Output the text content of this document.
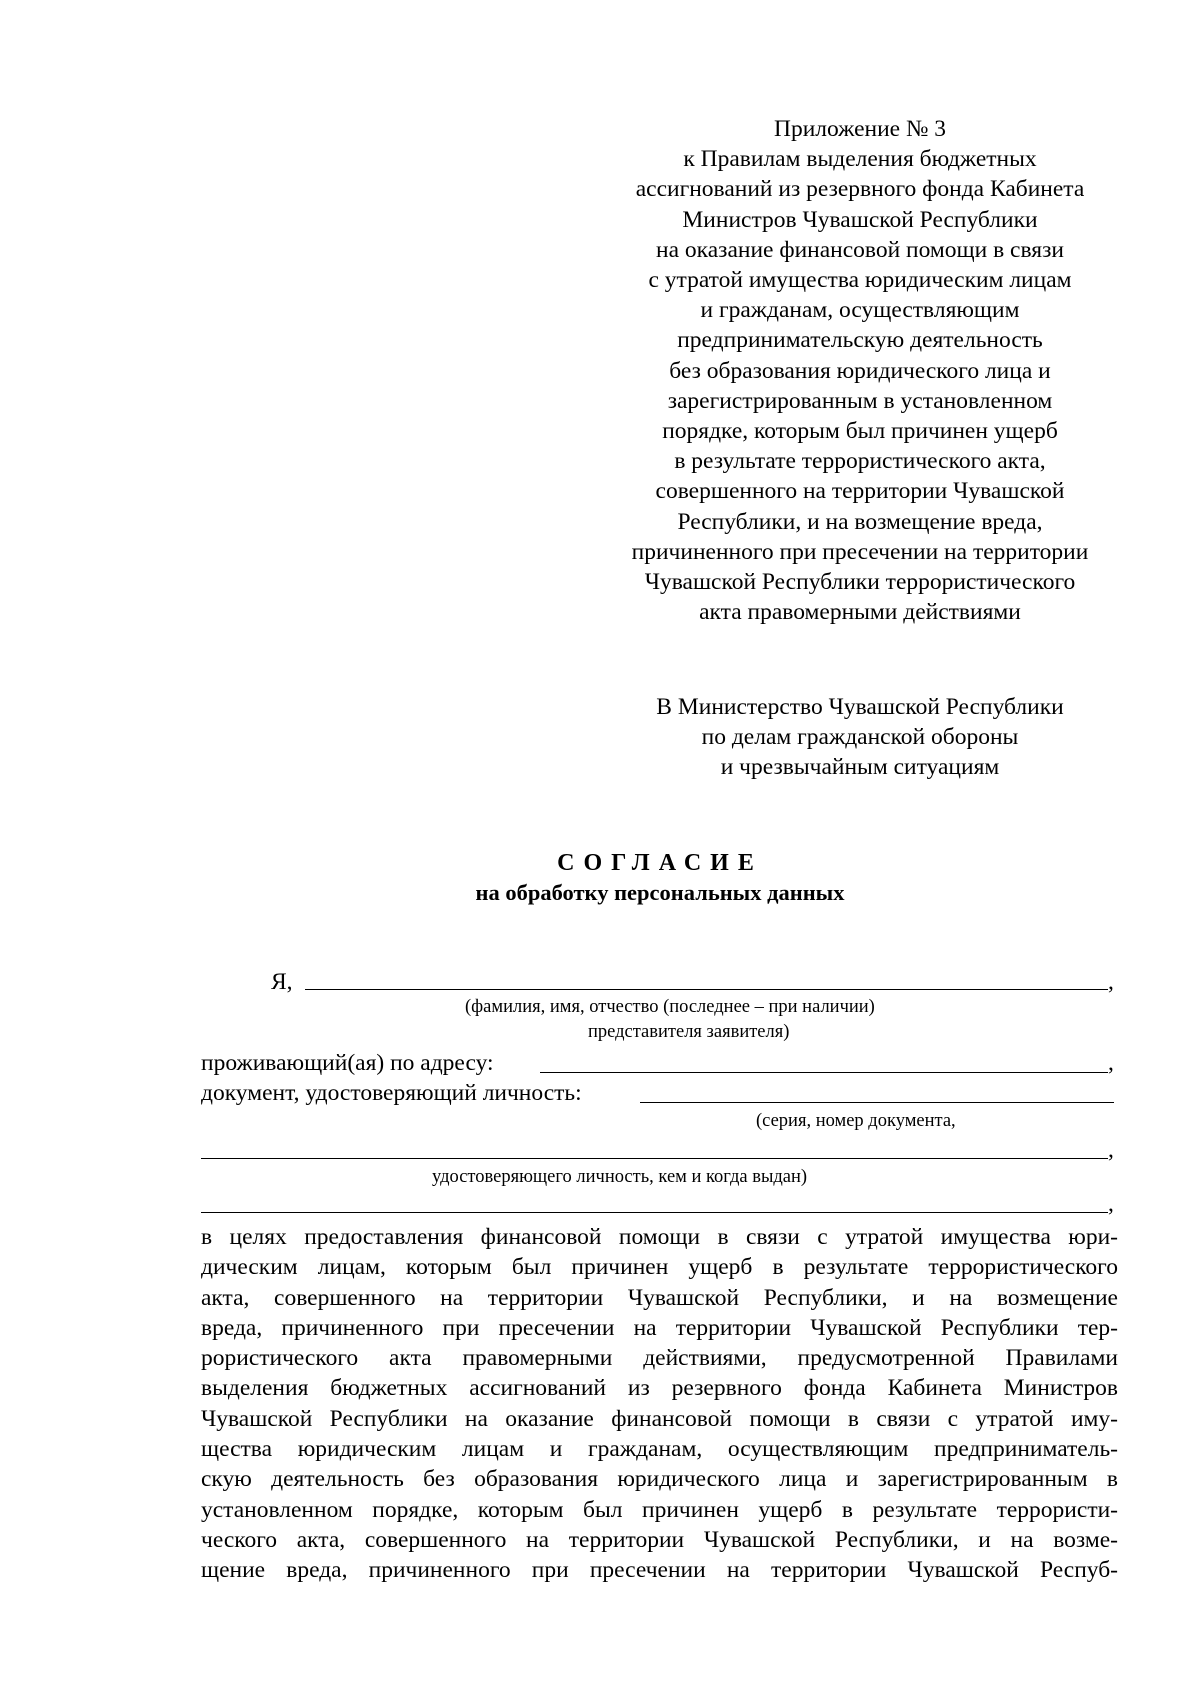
Приложение № 3
к Правилам выделения бюджетных
ассигнований из резервного фонда Кабинета
Министров Чувашской Республики
на оказание финансовой помощи в связи
с утратой имущества юридическим лицам
и гражданам, осуществляющим
предпринимательскую деятельность
без образования юридического лица и
зарегистрированным в установленном
порядке, которым был причинен ущерб
в результате террористического акта,
совершенного на территории Чувашской
Республики, и на возмещение вреда,
причиненного при пресечении на территории
Чувашской Республики террористического
акта правомерными действиями
В Министерство Чувашской Республики
по делам гражданской обороны
и чрезвычайным ситуациям
СОГЛАСИЕ
на обработку персональных данных
Я,	,
(фамилия, имя, отчество (последнее – при наличии)
представителя заявителя)
проживающий(ая) по адресу:	,
документ, удостоверяющий личность:
(серия, номер документа,
,
удостоверяющего личность, кем и когда выдан)
,
в целях предоставления финансовой помощи в связи с утратой имущества юри-
дическим лицам, которым был причинен ущерб в результате террористического
акта, совершенного на территории Чувашской Республики, и на возмещение
вреда, причиненного при пресечении на территории Чувашской Республики тер-
рористического акта правомерными действиями, предусмотренной Правилами
выделения бюджетных ассигнований из резервного фонда Кабинета Министров
Чувашской Республики на оказание финансовой помощи в связи с утратой иму-
щества юридическим лицам и гражданам, осуществляющим предприниматель-
скую деятельность без образования юридического лица и зарегистрированным в
установленном порядке, которым был причинен ущерб в результате террористи-
ческого акта, совершенного на территории Чувашской Республики, и на возме-
щение вреда, причиненного при пресечении на территории Чувашской Респуб-
